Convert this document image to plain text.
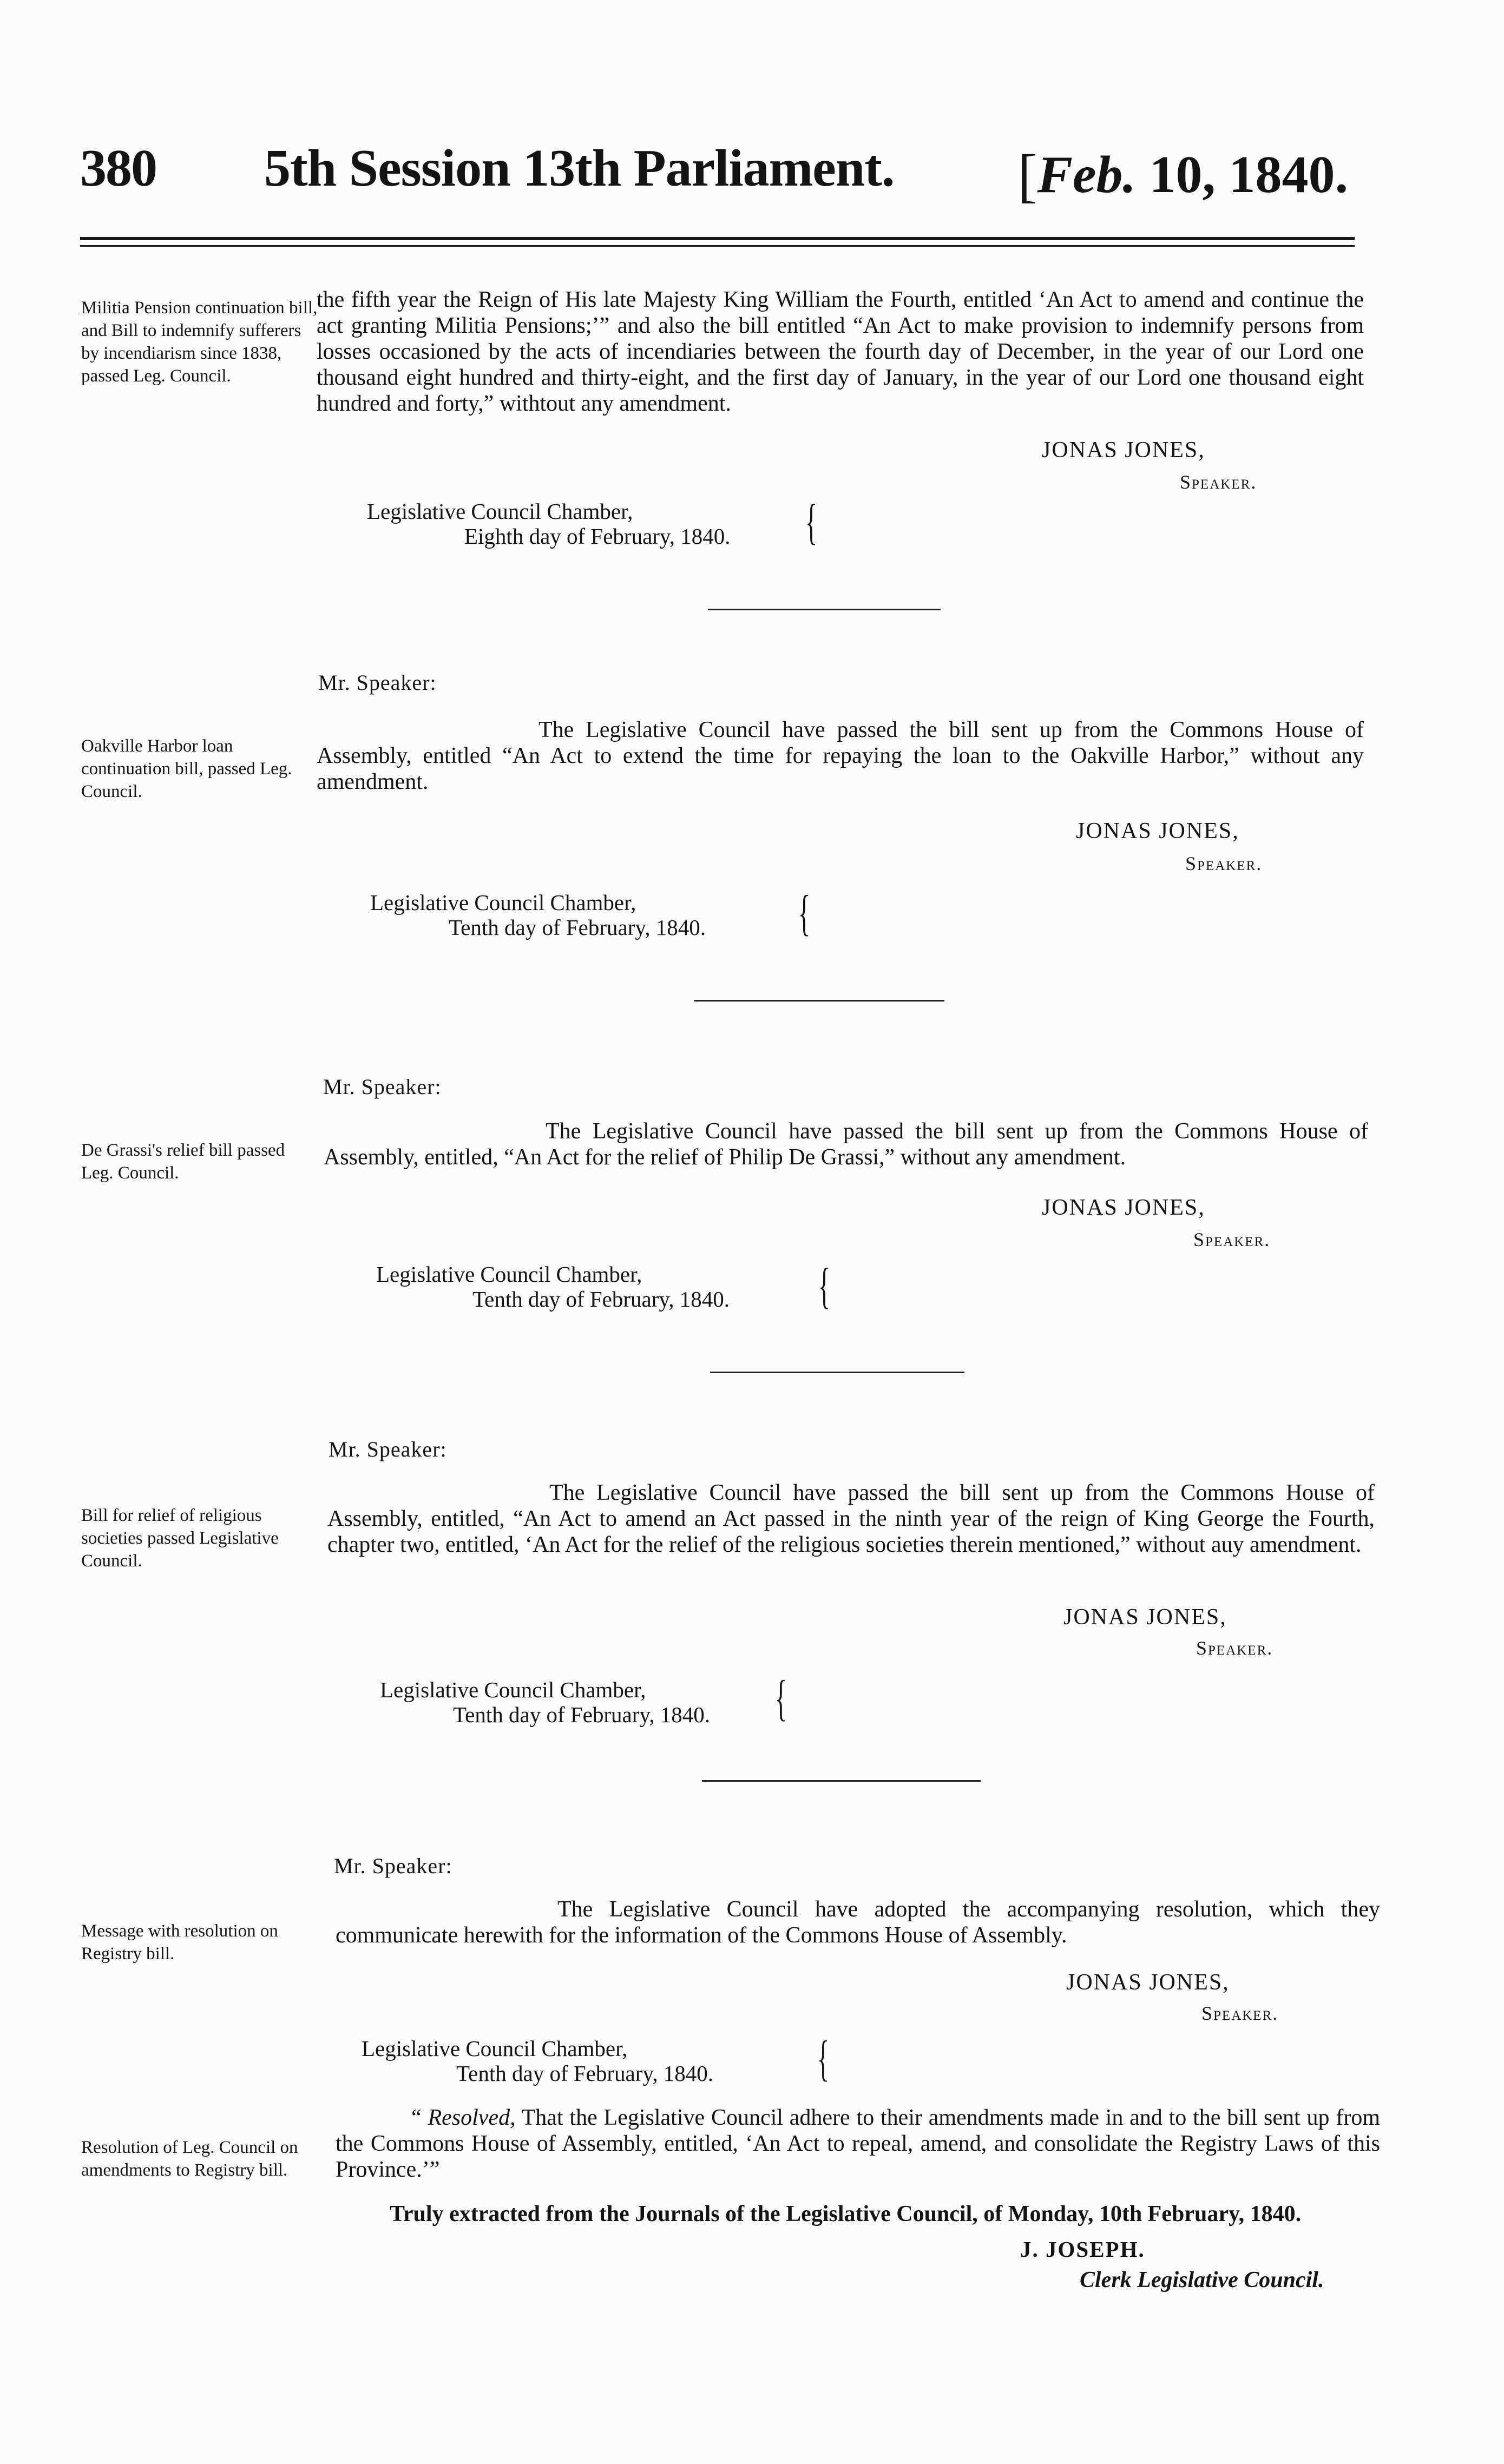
380 5th Session 13th Parliament. [Feb. 10, 1840.
Militia Pension continuation bill, and Bill to indemnify sufferers by incendiarism since 1838, passed Leg. Council.

the fifth year the Reign of His late Majesty King William the Fourth, entitled ‘An Act to amend and continue the act granting Militia Pensions;’” and also the bill entitled “An Act to make provision to indemnify persons from losses occasioned by the acts of incendiaries between the fourth day of December, in the year of our Lord one thousand eight hundred and thirty-eight, and the first day of January, in the year of our Lord one thousand eight hundred and forty,” withtout any amendment.

JONAS JONES,
Speaker.
Legislative Council Chamber,
Eighth day of February, 1840. {
Mr. Speaker:
Oakville Harbor loan continuation bill, passed Leg. Council.

The Legislative Council have passed the bill sent up from the Commons House of Assembly, entitled “An Act to extend the time for repaying the loan to the Oakville Harbor,” without any amendment.

JONAS JONES,
Speaker.
Legislative Council Chamber,
Tenth day of February, 1840. {
Mr. Speaker:
De Grassi's relief bill passed Leg. Council.

The Legislative Council have passed the bill sent up from the Commons House of Assembly, entitled, “An Act for the relief of Philip De Grassi,” without any amendment.

JONAS JONES,
Speaker.
Legislative Council Chamber,
Tenth day of February, 1840. {
Mr. Speaker:
Bill for relief of religious societies passed Legislative Council.

The Legislative Council have passed the bill sent up from the Commons House of Assembly, entitled, “An Act to amend an Act passed in the ninth year of the reign of King George the Fourth, chapter two, entitled, ‘An Act for the relief of the religious societies therein mentioned,” without auy amendment.

JONAS JONES,
Speaker.
Legislative Council Chamber,
Tenth day of February, 1840. {
Mr. Speaker:
Message with resolution on Registry bill.

The Legislative Council have adopted the accompanying resolution, which they communicate herewith for the information of the Commons House of Assembly.

JONAS JONES,
Speaker.
Legislative Council Chamber,
Tenth day of February, 1840. {
Resolution of Leg. Council on amendments to Registry bill.

“ Resolved, That the Legislative Council adhere to their amendments made in and to the bill sent up from the Commons House of Assembly, entitled, ‘An Act to repeal, amend, and consolidate the Registry Laws of this Province.’”

Truly extracted from the Journals of the Legislative Council, of Monday, 10th February, 1840.
J. JOSEPH.
Clerk Legislative Council.
